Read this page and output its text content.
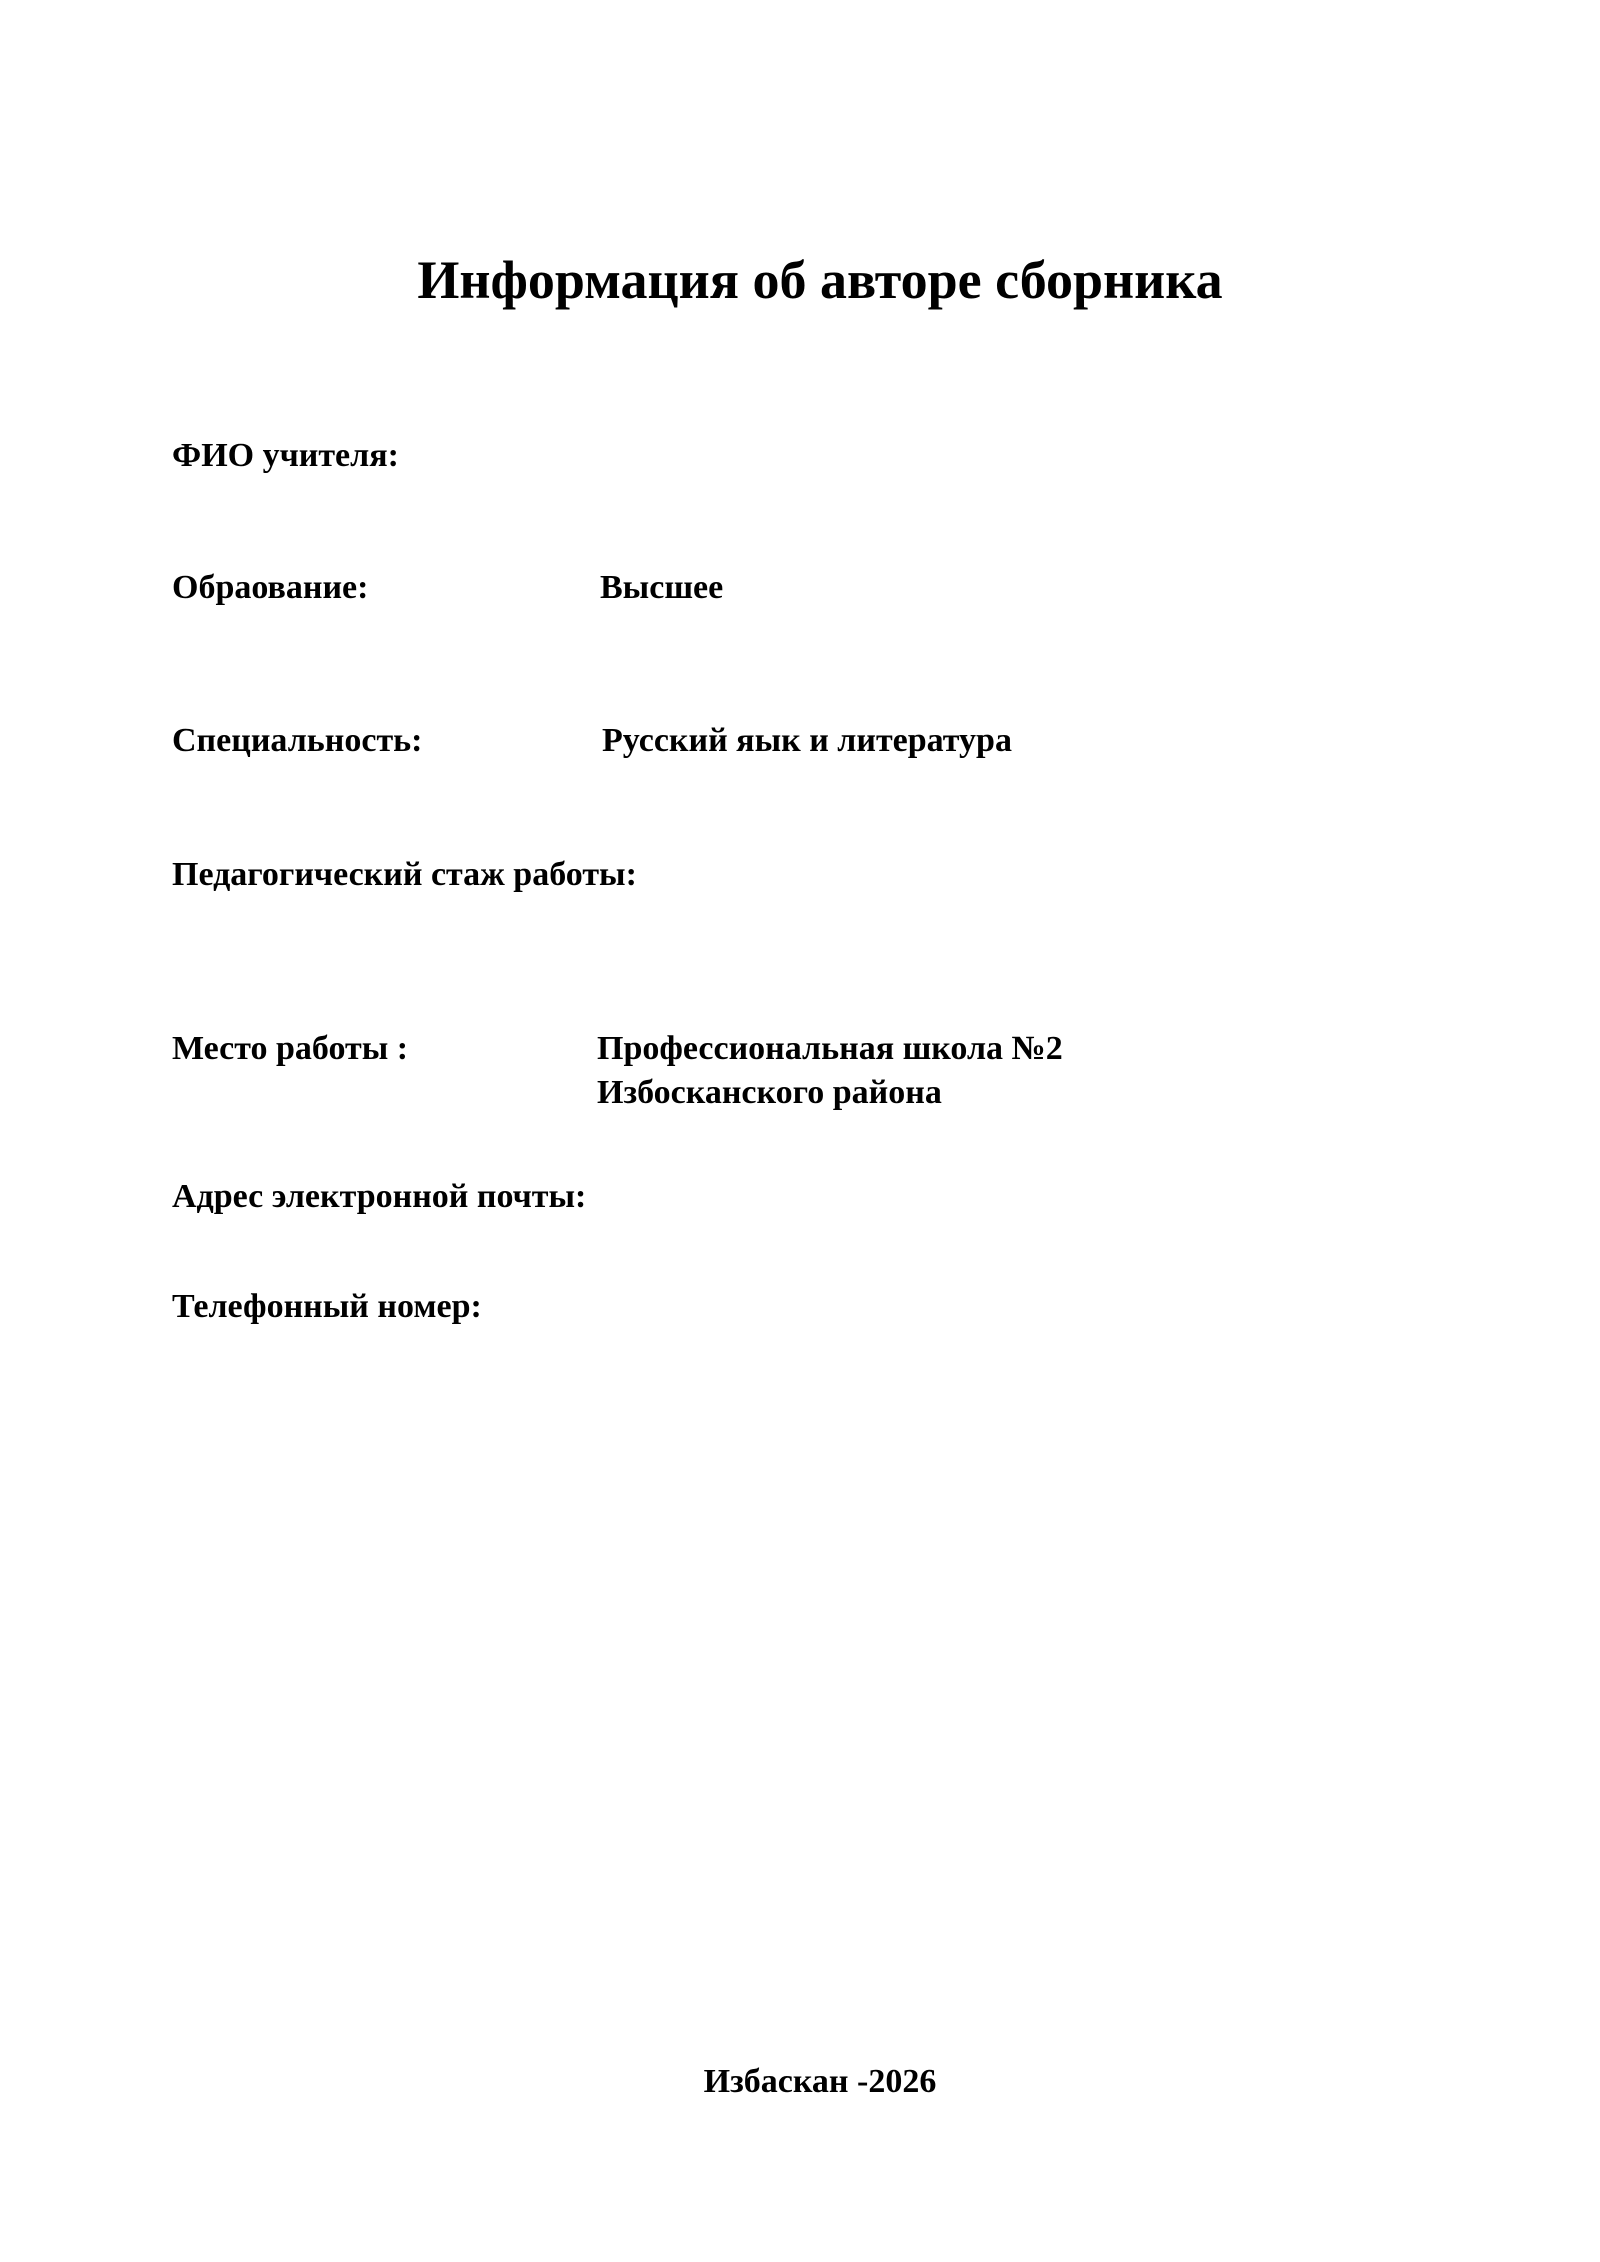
Информация об авторе сборника
ФИО учителя:
Обраование:	Высшее
Специальность:	Русский яык и литература
Педагогический стаж работы:
Место работы :	Профессиональная школа №2
Избосканского района
Адрес электронной почты:
Телефонный номер:
Избаскан -2026
